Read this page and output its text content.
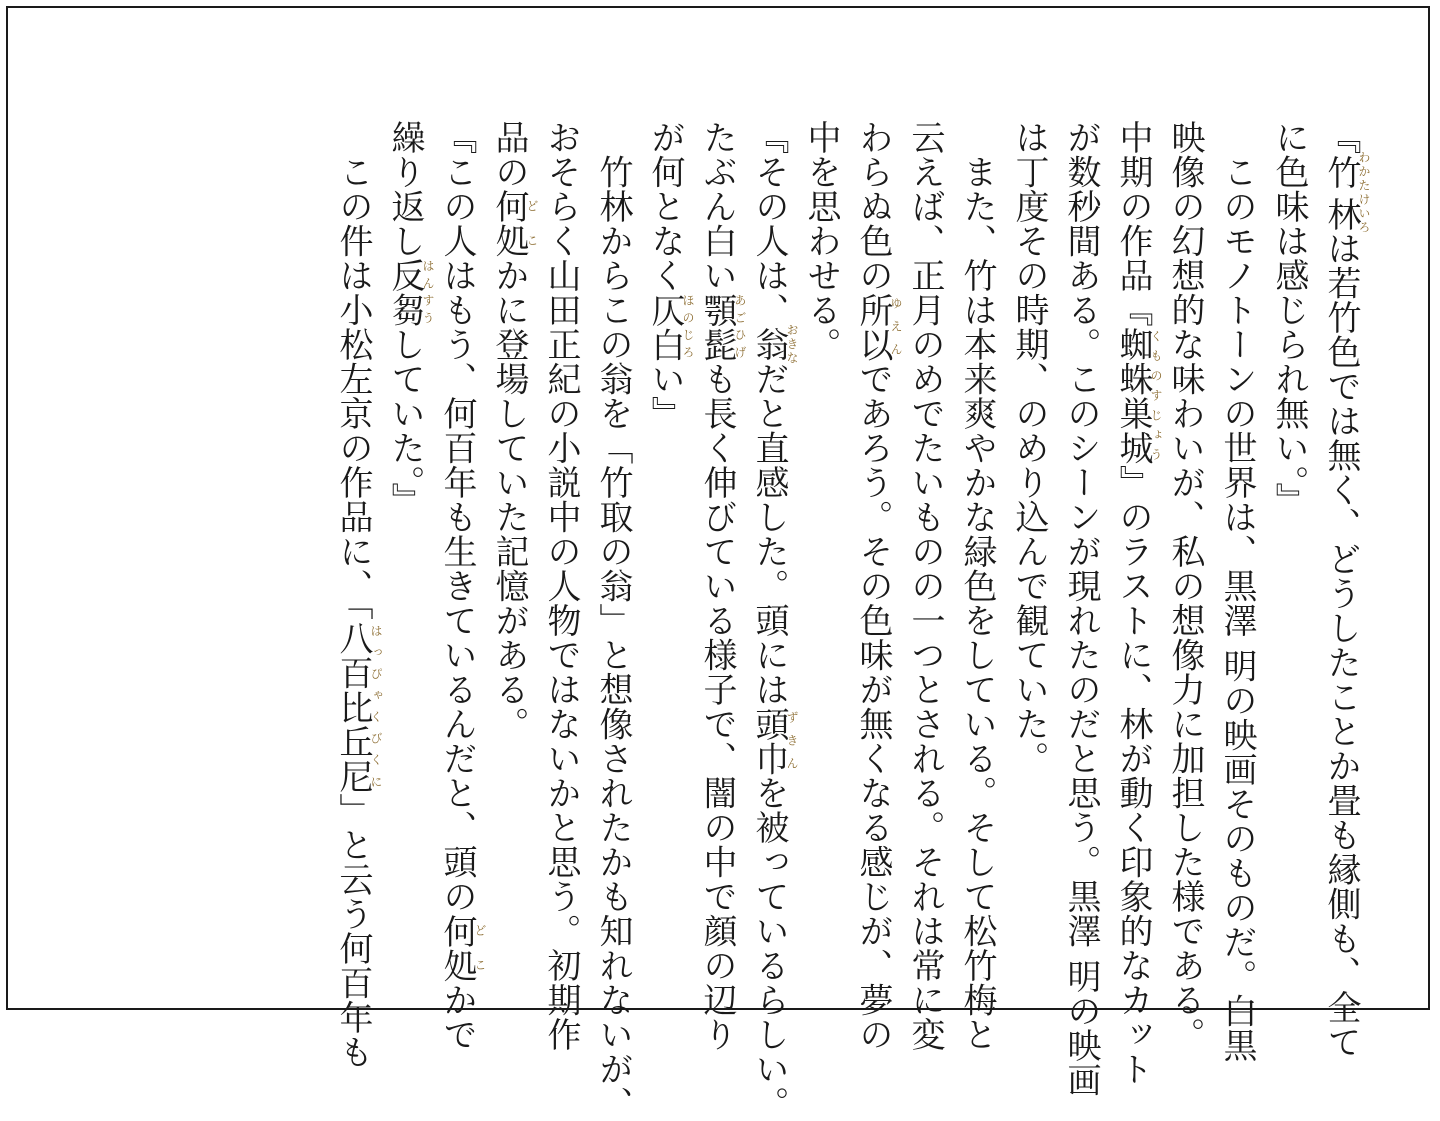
『竹林わかたけいろは若竹色では無く、どうしたことか畳も縁側も、全て
に色味は感じられ無い。』
　このモノトーンの世界は、黒澤 明の映画そのものだ。白黒
映像の幻想的な味わいが、私の想像力に加担した様である。
中期の作品『蜘蛛巣城くものすじょう』のラストに、林が動く印象的なカット
が数秒間ある。このシーンが現れたのだと思う。黒澤 明の映画
は丁度その時期、のめり込んで観ていた。
　また、竹は本来爽やかな緑色をしている。そして松竹梅と
云えば、正月のめでたいものの一つとされる。それは常に変
わらぬ色の所以ゆえんであろう。その色味が無くなる感じが、夢の
中を思わせる。
『その人は、翁おきなだと直感した。頭には頭巾ずきんを被っているらしい。
たぶん白い顎髭あごひげも長く伸びている様子で、闇の中で顔の辺り
が何となく仄白ほのじろい』
　竹林からこの翁を「竹取の翁」と想像されたかも知れないが、
おそらく山田正紀の小説中の人物ではないかと思う。初期作
品の何処どこかに登場していた記憶がある。
『この人はもう、何百年も生きているんだと、頭の何処どこかで
繰り返し反芻はんすうしていた。』
　この件は小松左京の作品に、「八百比丘尼はっぴゃくびくに」と云う何百年も
